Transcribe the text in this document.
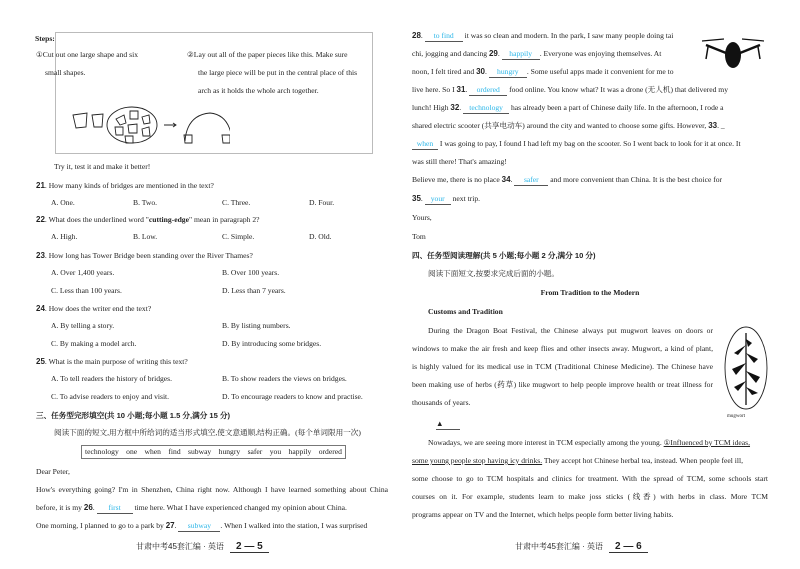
Steps:
①Cut out one large shape and six
small shapes.
②Lay out all of the paper pieces like this. Make sure
the large piece will be put in the central place of this
arch as it holds the whole arch together.
Try it, test it and make it better!
21. How many kinds of bridges are mentioned in the text?
A. One.	B. Two.	C. Three.	D. Four.
22. What does the underlined word "cutting-edge" mean in paragraph 2?
A. High.	B. Low.	C. Simple.	D. Old.
23. How long has Tower Bridge been standing over the River Thames?
A. Over 1,400 years.	B. Over 100 years.
C. Less than 100 years.	D. Less than 7 years.
24. How does the writer end the text?
A. By telling a story.	B. By listing numbers.
C. By making a model arch.	D. By introducing some bridges.
25. What is the main purpose of writing this text?
A. To tell readers the history of bridges.	B. To show readers the views on bridges.
C. To advise readers to enjoy and visit.	D. To encourage readers to know and practise.
三、任务型完形填空(共 10 小题;每小题 1.5 分,满分 15 分)
阅读下面的短文,用方框中所给词的适当形式填空,使文意通顺,结构正确。(每个单词限用一次)
technology one when find subway hungry safer you happily ordered
Dear Peter,
How's everything going? I'm in Shenzhen, China right now. Although I have learned something about China
before, it is my 26. first time here. What I have experienced changed my opinion about China.
One morning, I planned to go to a park by 27. subway . When I walked into the station, I was surprised
甘肃中考45套汇编 · 英语 2 — 5
28. to find it was so clean and modern. In the park, I saw many people doing tai
chi, jogging and dancing 29. happily . Everyone was enjoying themselves. At
noon, I felt tired and 30. hungry . Some useful apps made it convenient for me to
live here. So I 31. ordered food online. You know what? It was a drone (无人机) that delivered my
lunch! High 32. technology has already been a part of Chinese daily life. In the afternoon, I rode a
shared electric scooter (共享电动车) around the city and wanted to choose some gifts. However, 33. _
when I was going to pay, I found I had left my bag on the scooter. So I went back to look for it at once. It
was still there! That's amazing!
Believe me, there is no place 34. safer and more convenient than China. It is the best choice for
35. your next trip.
Yours,
Tom
四、任务型阅读理解(共 5 小题;每小题 2 分,满分 10 分)
阅读下面短文,按要求完成后面的小题。
From Tradition to the Modern
Customs and Tradition
During the Dragon Boat Festival, the Chinese always put mugwort leaves on doors or
windows to make the air fresh and keep flies and other insects away. Mugwort, a kind of plant,
is highly valued for its medical use in TCM (Traditional Chinese Medicine). The Chinese have
been making use of herbs (药草) like mugwort to help people improve health or treat illness for
thousands of years.
mugwort
▲
Nowadays, we are seeing more interest in TCM especially among the young. ①Influenced by TCM ideas,
some young people stop having icy drinks. They accept hot Chinese herbal tea, instead. When people feel ill,
some choose to go to TCM hospitals and clinics for treatment. With the spread of TCM, some schools start
courses on it. For example, students learn to make joss sticks (线香) with herbs in class. More TCM
programs appear on TV and the Internet, which helps people form better living habits.
甘肃中考45套汇编 · 英语 2 — 6
